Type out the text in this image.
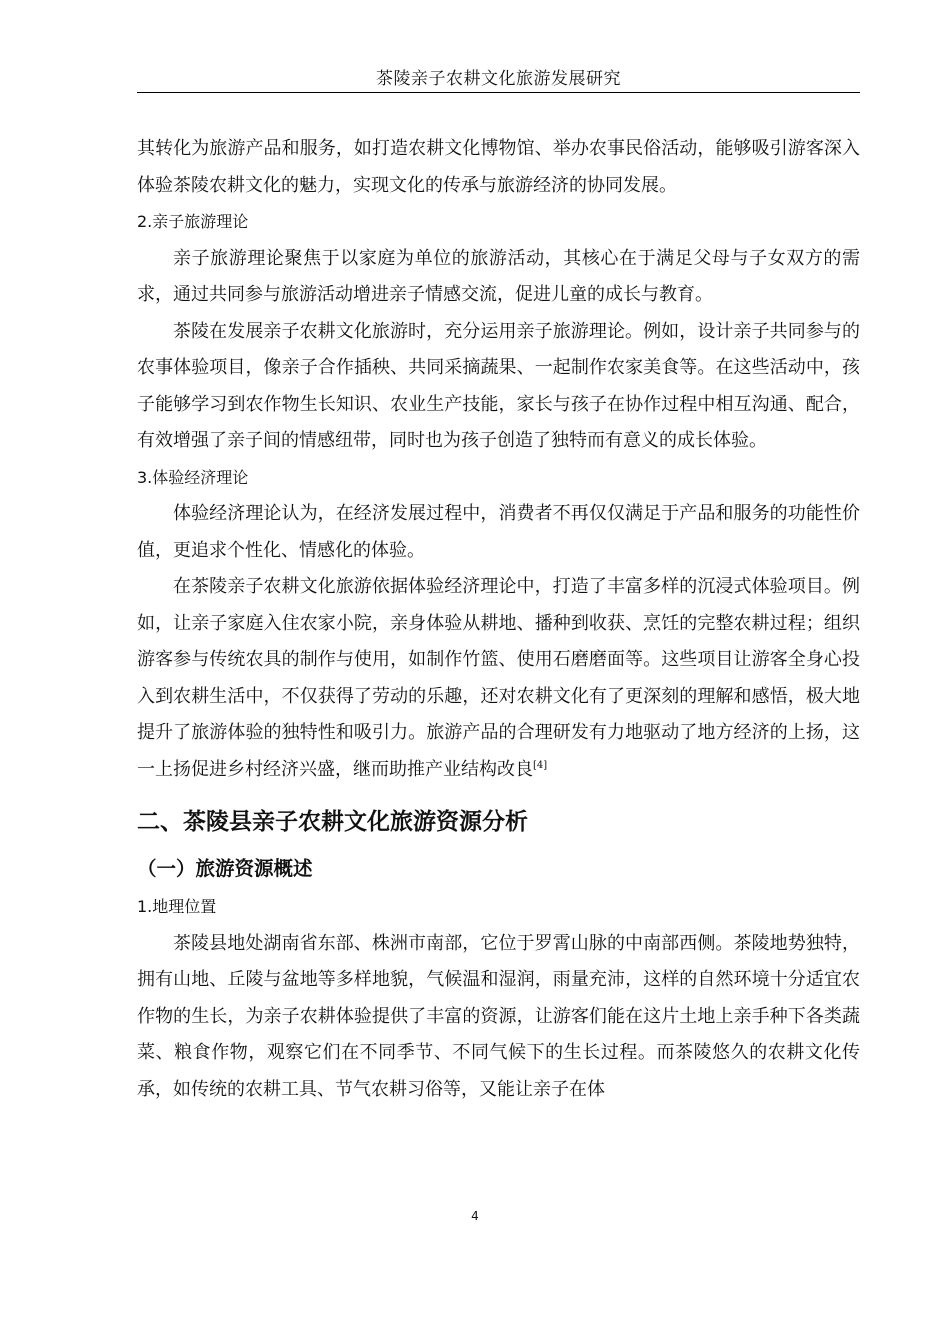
茶陵亲子农耕文化旅游发展研究

其转化为旅游产品和服务，如打造农耕文化博物馆、举办农事民俗活动，能够吸引游客深入体验茶陵农耕文化的魅力，实现文化的传承与旅游经济的协同发展。

2.亲子旅游理论

亲子旅游理论聚焦于以家庭为单位的旅游活动，其核心在于满足父母与子女双方的需求，通过共同参与旅游活动增进亲子情感交流，促进儿童的成长与教育。

茶陵在发展亲子农耕文化旅游时，充分运用亲子旅游理论。例如，设计亲子共同参与的农事体验项目，像亲子合作插秧、共同采摘蔬果、一起制作农家美食等。在这些活动中，孩子能够学习到农作物生长知识、农业生产技能，家长与孩子在协作过程中相互沟通、配合，有效增强了亲子间的情感纽带，同时也为孩子创造了独特而有意义的成长体验。

3.体验经济理论

体验经济理论认为，在经济发展过程中，消费者不再仅仅满足于产品和服务的功能性价值，更追求个性化、情感化的体验。

在茶陵亲子农耕文化旅游依据体验经济理论中，打造了丰富多样的沉浸式体验项目。例如，让亲子家庭入住农家小院，亲身体验从耕地、播种到收获、烹饪的完整农耕过程；组织游客参与传统农具的制作与使用，如制作竹篮、使用石磨磨面等。这些项目让游客全身心投入到农耕生活中，不仅获得了劳动的乐趣，还对农耕文化有了更深刻的理解和感悟，极大地提升了旅游体验的独特性和吸引力。旅游产品的合理研发有力地驱动了地方经济的上扬，这一上扬促进乡村经济兴盛，继而助推产业结构改良[4]

二、茶陵县亲子农耕文化旅游资源分析
（一）旅游资源概述

1.地理位置

茶陵县地处湖南省东部、株洲市南部，它位于罗霄山脉的中南部西侧。茶陵地势独特，拥有山地、丘陵与盆地等多样地貌，气候温和湿润，雨量充沛，这样的自然环境十分适宜农作物的生长，为亲子农耕体验提供了丰富的资源，让游客们能在这片土地上亲手种下各类蔬菜、粮食作物，观察它们在不同季节、不同气候下的生长过程。而茶陵悠久的农耕文化传承，如传统的农耕工具、节气农耕习俗等，又能让亲子在体

4
